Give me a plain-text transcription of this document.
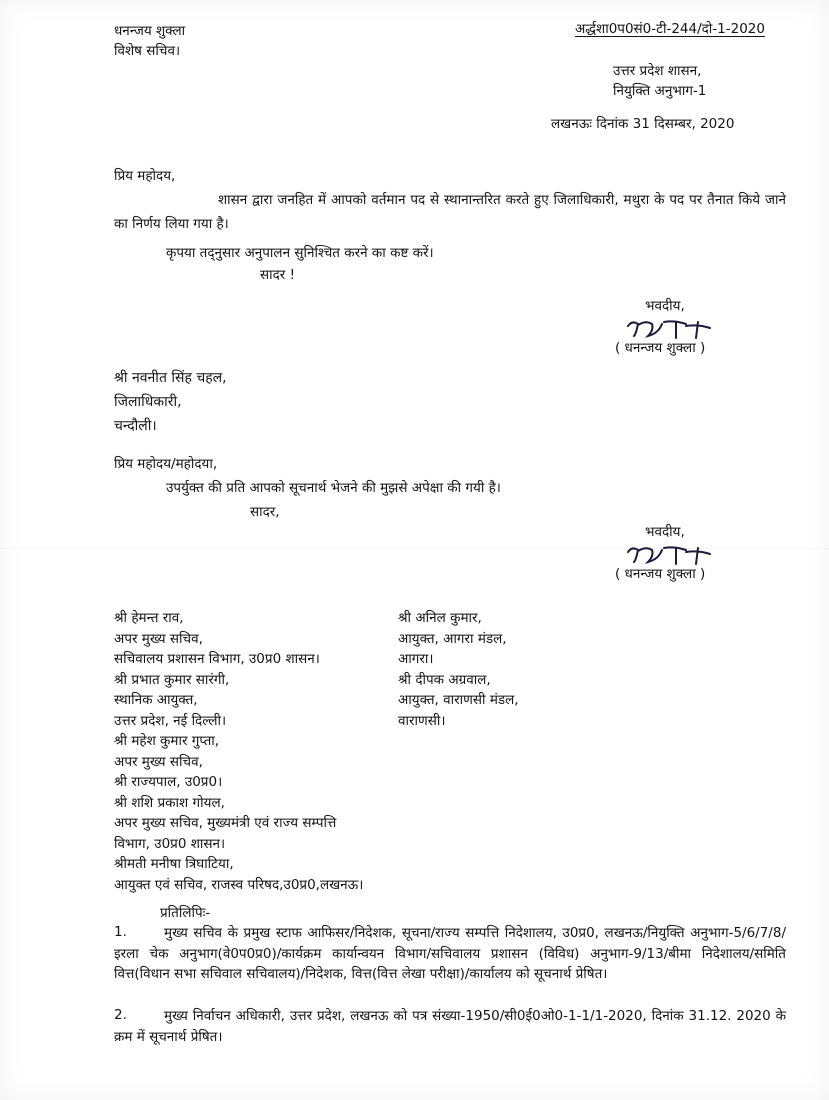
धनन्जय शुक्ला
विशेष सचिव।
अर्द्धशा0प0सं0-टी-244/दो-1-2020
उत्तर प्रदेश शासन,
नियुक्ति अनुभाग-1
लखनऊः दिनांक 31 दिसम्बर, 2020
प्रिय महोदय,
शासन द्वारा जनहित में आपको वर्तमान पद से स्थानान्तरित करते हुए जिलाधिकारी, मथुरा के पद पर तैनात किये जाने का निर्णय लिया गया है।
कृपया तद्नुसार अनुपालन सुनिश्चित करने का कष्ट करें।
सादर !
भवदीय,
( धनन्जय शुक्ला )
श्री नवनीत सिंह चहल,
जिलाधिकारी,
चन्दौली।
प्रिय महोदय/महोदया,
उपर्युक्त की प्रति आपको सूचनार्थ भेजने की मुझसे अपेक्षा की गयी है।
सादर,
भवदीय,
( धनन्जय शुक्ला )
श्री हेमन्त राव,
अपर मुख्य सचिव,
सचिवालय प्रशासन विभाग, उ0प्र0 शासन।
श्री प्रभात कुमार सारंगी,
स्थानिक आयुक्त,
उत्तर प्रदेश, नई दिल्ली।
श्री महेश कुमार गुप्ता,
अपर मुख्य सचिव,
श्री राज्यपाल, उ0प्र0।
श्री शशि प्रकाश गोयल,
अपर मुख्य सचिव, मुख्यमंत्री एवं राज्य सम्पत्ति
विभाग, उ0प्र0 शासन।
श्रीमती मनीषा त्रिघाटिया,
आयुक्त एवं सचिव, राजस्व परिषद,उ0प्र0,लखनऊ।
श्री अनिल कुमार,
आयुक्त, आगरा मंडल,
आगरा।
श्री दीपक अग्रवाल,
आयुक्त, वाराणसी मंडल,
वाराणसी।
प्रतिलिपिः-
1.	मुख्य सचिव के प्रमुख स्टाफ आफिसर/निदेशक, सूचना/राज्य सम्पत्ति निदेशालय, उ0प्र0, लखनऊ/नियुक्ति अनुभाग-5/6/7/8/इरला चेक अनुभाग(वे0प0प्र0)/कार्यक्रम कार्यान्वयन विभाग/सचिवालय प्रशासन (विविध) अनुभाग-9/13/बीमा निदेशालय/समिति वित्त(विधान सभा सचिवाल सचिवालय)/निदेशक, वित्त(वित्त लेखा परीक्षा)/कार्यालय को सूचनार्थ प्रेषित।
2.	मुख्य निर्वाचन अधिकारी, उत्तर प्रदेश, लखनऊ को पत्र संख्या-1950/सी0ई0ओ0-1-1/1-2020, दिनांक 31.12. 2020 के क्रम में सूचनार्थ प्रेषित।
